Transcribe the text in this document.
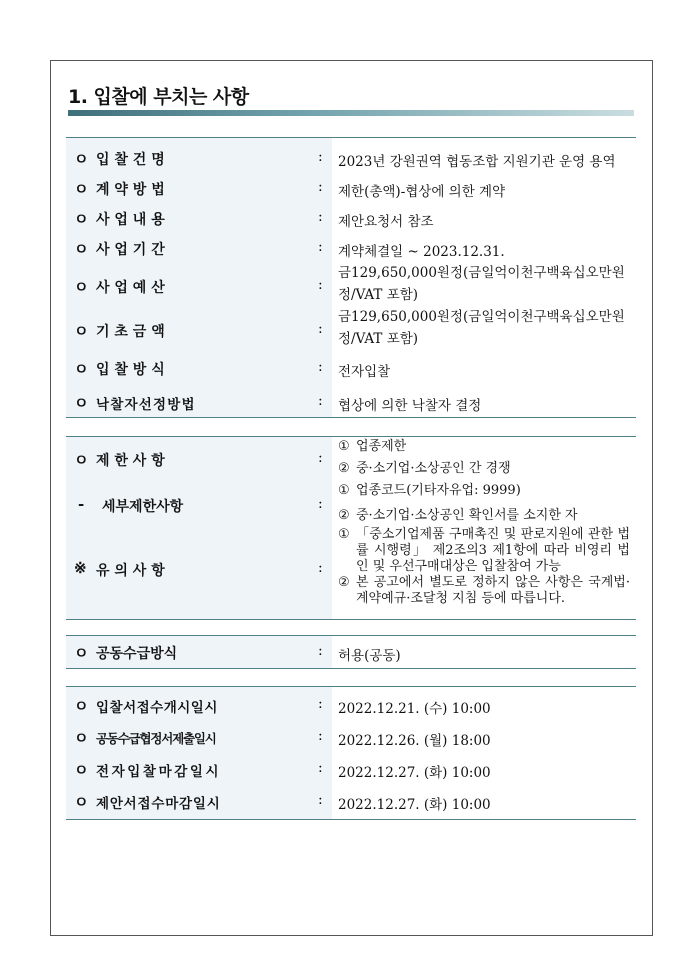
1. 입찰에 부치는 사항
ㅇ 입 찰 건 명	: 2023년 강원권역 협동조합 지원기관 운영 용역
ㅇ 계 약 방 법	: 제한(총액)-협상에 의한 계약
ㅇ 사 업 내 용	: 제안요청서 참조
ㅇ 사 업 기 간	: 계약체결일 ~ 2023.12.31.
ㅇ 사 업 예 산	:
금129,650,000원정(금일억이천구백육십오만원정/VAT 포함)
ㅇ 기 초 금 액	:
금129,650,000원정(금일억이천구백육십오만원정/VAT 포함)
ㅇ 입 찰 방 식	: 전자입찰
ㅇ 낙찰자선정방법	: 협상에 의한 낙찰자 결정
ㅇ 제 한 사 항	:
① 업종제한
② 중·소기업·소상공인 간 경쟁
- 세부제한사항	:
① 업종코드(기타자유업: 9999)
② 중·소기업·소상공인 확인서를 소지한 자
※ 유 의 사 항	:
① 「중소기업제품 구매촉진 및 판로지원에 관한 법률 시행령」 제2조의3 제1항에 따라 비영리 법인 및 우선구매대상은 입찰참여 가능
② 본 공고에서 별도로 정하지 않은 사항은 국계법·계약예규·조달청 지침 등에 따릅니다.
ㅇ 공동수급방식	: 허용(공동)
ㅇ 입찰서접수개시일시	: 2022.12.21. (수) 10:00
ㅇ 공동수급협정서제출일시	: 2022.12.26. (월) 18:00
ㅇ 전자입찰마감일시	: 2022.12.27. (화) 10:00
ㅇ 제안서접수마감일시	: 2022.12.27. (화) 10:00
